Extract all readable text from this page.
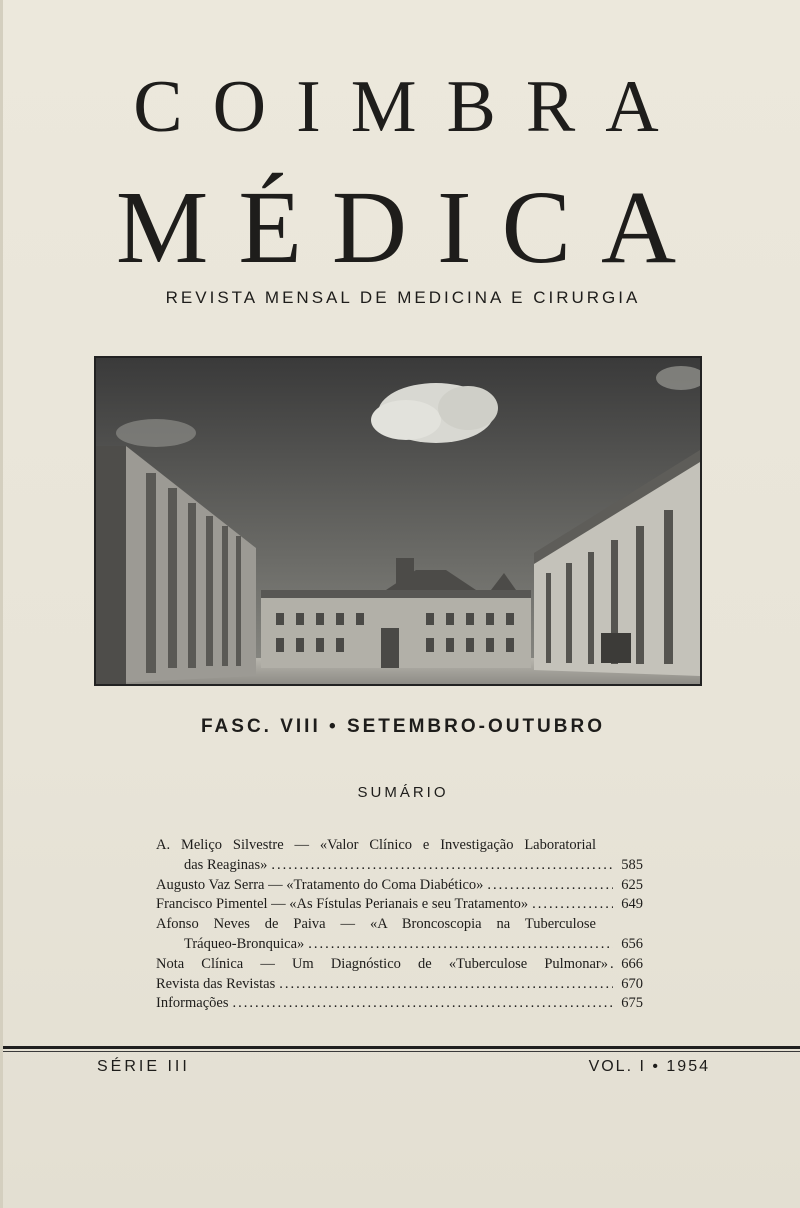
COIMBRA
MÉDICA
REVISTA MENSAL DE MEDICINA E CIRURGIA
FASC. VIII • SETEMBRO-OUTUBRO
SUMÁRIO
A. Meliço Silvestre — «Valor Clínico e Investigação Laboratorial
das Reaginas» .....	585
Augusto Vaz Serra — «Tratamento do Coma Diabético» .....	625
Francisco Pimentel — «As Fístulas Perianais e seu Tratamento» .....	649
Afonso Neves de Paiva — «A Broncoscopia na Tuberculose
Tráqueo-Bronquica» .....	656
Nota Clínica — Um Diagnóstico de «Tuberculose Pulmonar» ..... 666
Revista das Revistas .....	670
Informações .....	675
SÉRIE III	VOL. I • 1954
